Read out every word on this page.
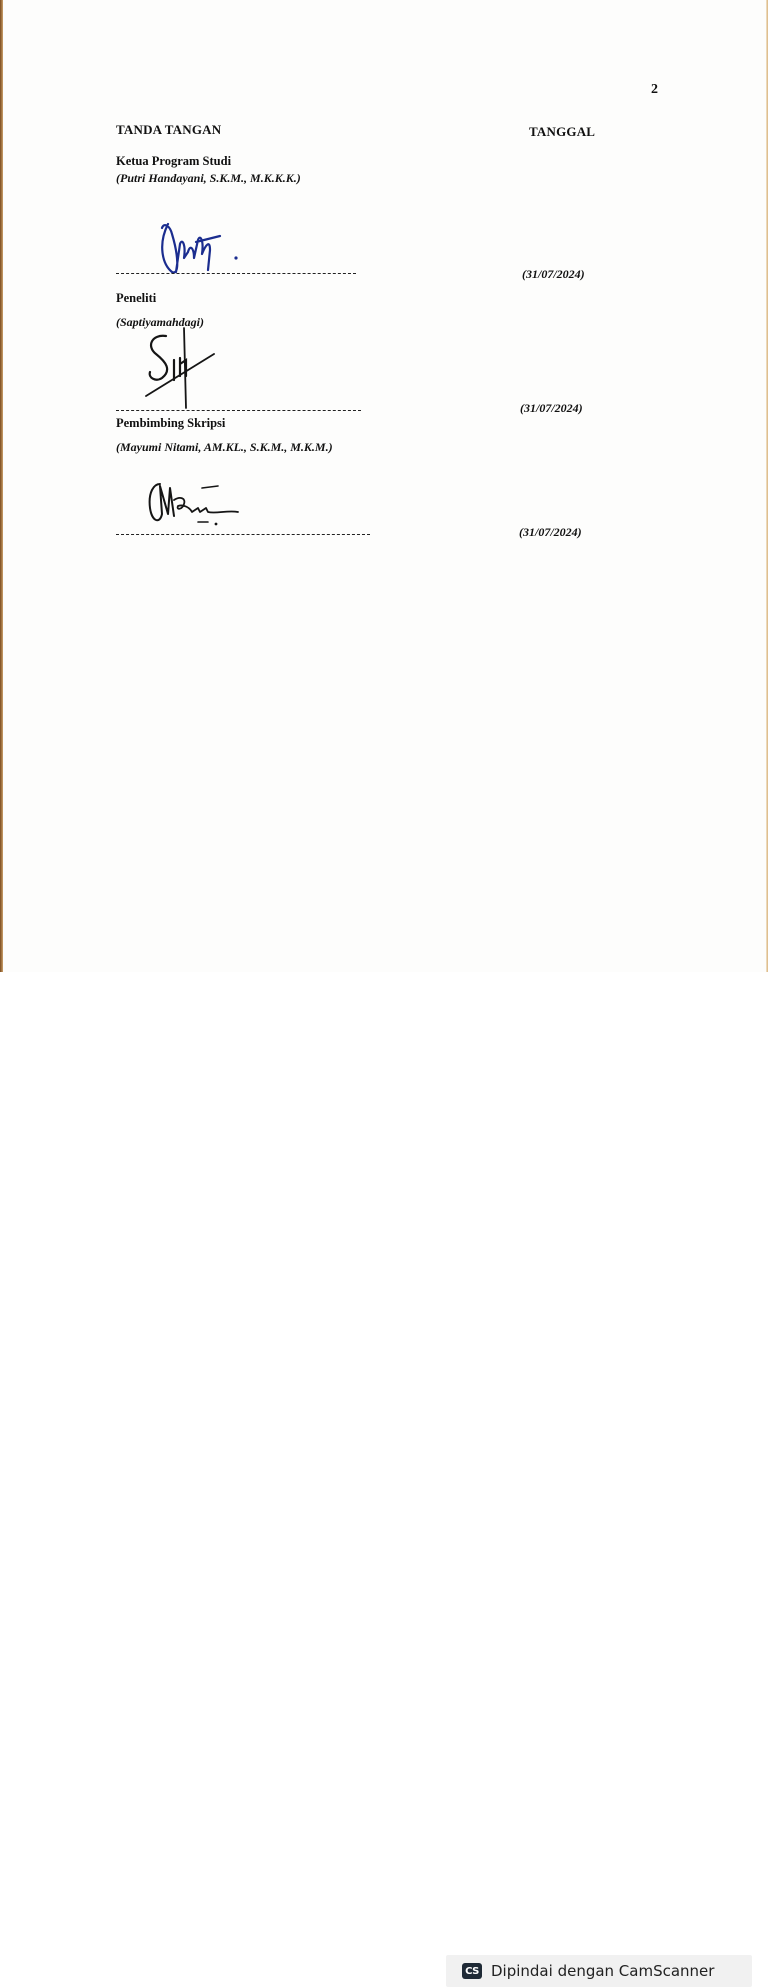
2
TANDA TANGAN	TANGGAL
Ketua Program Studi
(Putri Handayani, S.K.M., M.K.K.K.)
(31/07/2024)
Peneliti
(Saptiyamahdagi)
(31/07/2024)
Pembimbing Skripsi
(Mayumi Nitami, AM.KL., S.K.M., M.K.M.)
(31/07/2024)
CS Dipindai dengan CamScanner
